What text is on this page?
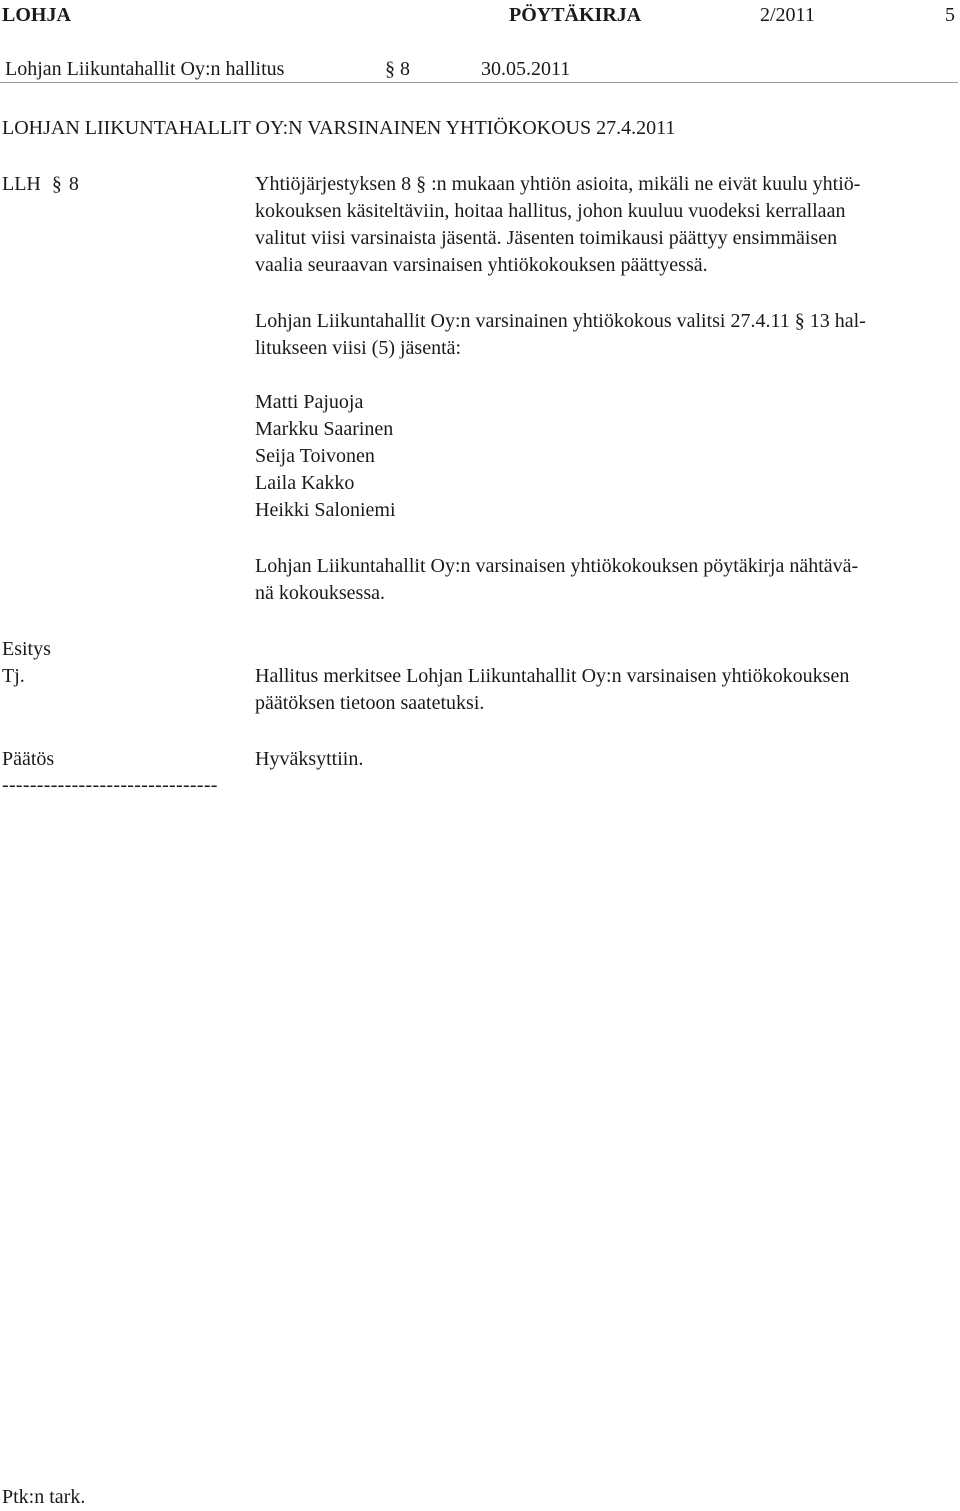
LOHJA	PÖYTÄKIRJA	2/2011	5
Lohjan Liikuntahallit Oy:n hallitus	§ 8	30.05.2011
LOHJAN LIIKUNTAHALLIT OY:N VARSINAINEN YHTIÖKOKOUS 27.4.2011
LLH § 8	Yhtiöjärjestyksen 8 § :n mukaan yhtiön asioita, mikäli ne eivät kuulu yhtiö-
kokouksen käsiteltäviin, hoitaa hallitus, johon kuuluu vuodeksi kerrallaan
valitut viisi varsinaista jäsentä. Jäsenten toimikausi päättyy ensimmäisen
vaalia seuraavan varsinaisen yhtiökokouksen päättyessä.
Lohjan Liikuntahallit Oy:n varsinainen yhtiökokous valitsi 27.4.11 § 13 hal-
litukseen viisi (5) jäsentä:
Matti Pajuoja
Markku Saarinen
Seija Toivonen
Laila Kakko
Heikki Saloniemi
Lohjan Liikuntahallit Oy:n varsinaisen yhtiökokouksen pöytäkirja nähtävä-
nä kokouksessa.
Esitys
Tj.	Hallitus merkitsee Lohjan Liikuntahallit Oy:n varsinaisen yhtiökokouksen
päätöksen tietoon saatetuksi.
Päätös	Hyväksyttiin.
-------------------------------
Ptk:n tark.
